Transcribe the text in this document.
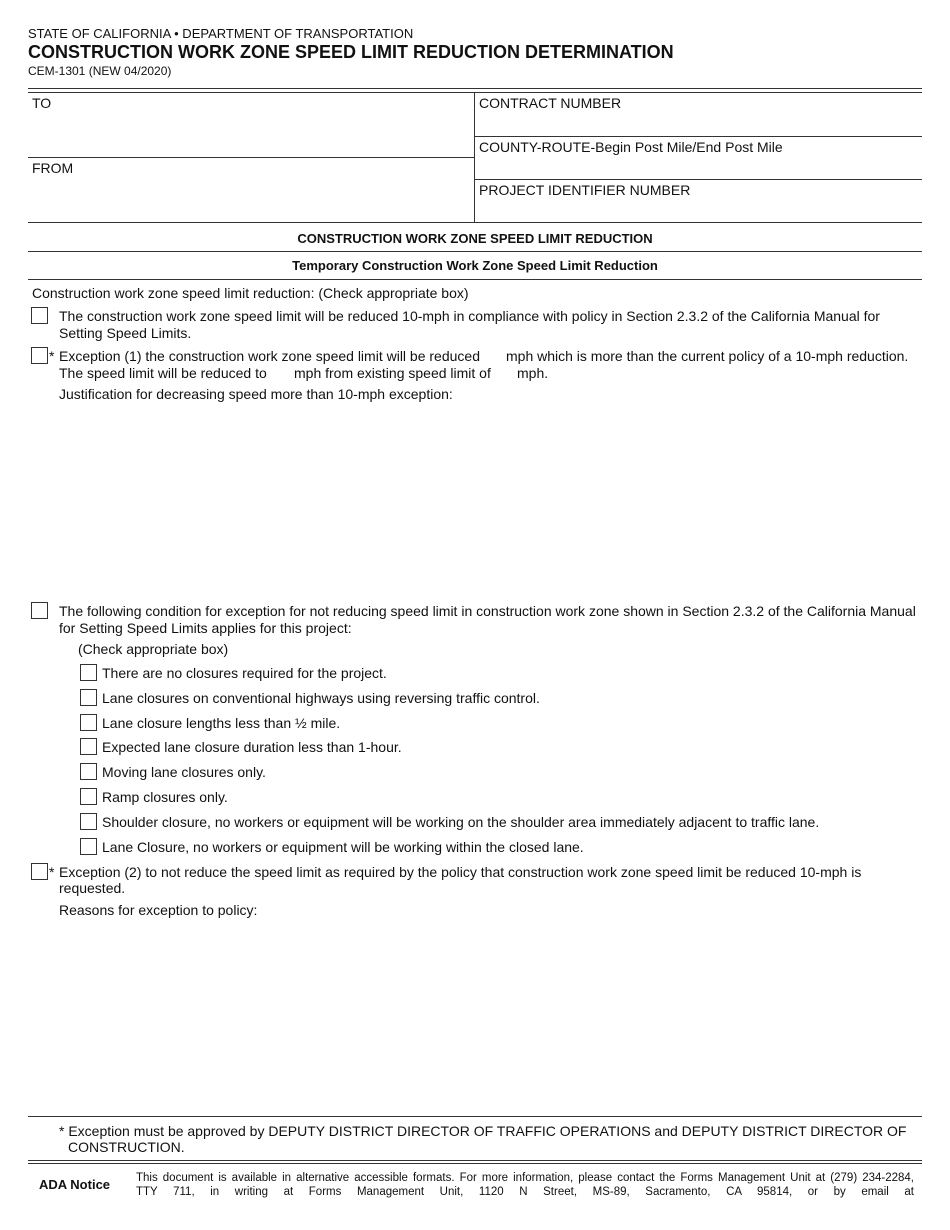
STATE OF CALIFORNIA • DEPARTMENT OF TRANSPORTATION
CONSTRUCTION WORK ZONE SPEED LIMIT REDUCTION DETERMINATION
CEM-1301 (NEW 04/2020)
TO
FROM
CONTRACT NUMBER
COUNTY-ROUTE-Begin Post Mile/End Post Mile
PROJECT IDENTIFIER NUMBER
CONSTRUCTION WORK ZONE SPEED LIMIT REDUCTION
Temporary Construction Work Zone Speed Limit Reduction
Construction work zone speed limit reduction: (Check appropriate box)
The construction work zone speed limit will be reduced 10-mph in compliance with policy in Section 2.3.2 of the California Manual for
Setting Speed Limits.
* Exception (1) the construction work zone speed limit will be reduced mph which is more than the current policy of a 10-mph reduction.
The speed limit will be reduced to mph from existing speed limit of mph.
Justification for decreasing speed more than 10-mph exception:
The following condition for exception for not reducing speed limit in construction work zone shown in Section 2.3.2 of the California Manual
for Setting Speed Limits applies for this project:
(Check appropriate box)
There are no closures required for the project.
Lane closures on conventional highways using reversing traffic control.
Lane closure lengths less than ½ mile.
Expected lane closure duration less than 1-hour.
Moving lane closures only.
Ramp closures only.
Shoulder closure, no workers or equipment will be working on the shoulder area immediately adjacent to traffic lane.
Lane Closure, no workers or equipment will be working within the closed lane.
* Exception (2) to not reduce the speed limit as required by the policy that construction work zone speed limit be reduced 10-mph is
requested.
Reasons for exception to policy:
* Exception must be approved by DEPUTY DISTRICT DIRECTOR OF TRAFFIC OPERATIONS and DEPUTY DISTRICT DIRECTOR OF
CONSTRUCTION.
ADA Notice This document is available in alternative accessible formats. For more information, please contact the Forms Management Unit at (279) 234-2284,
TTY 711, in writing at Forms Management Unit, 1120 N Street, MS-89, Sacramento, CA 95814, or by email at
